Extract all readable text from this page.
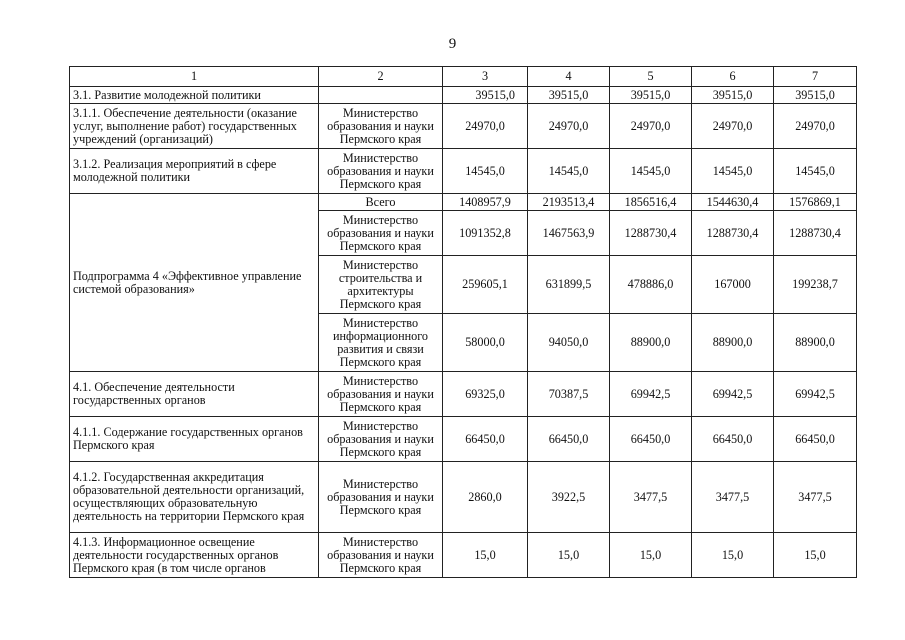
9
1	2	3	4	5	6	7
3.1. Развитие молодежной политики		39515,0	39515,0	39515,0	39515,0	39515,0
3.1.1. Обеспечение деятельности (оказание услуг, выполнение работ) государственных учреждений (организаций)	Министерство образования и науки Пермского края	24970,0	24970,0	24970,0	24970,0	24970,0
3.1.2. Реализация мероприятий в сфере молодежной политики	Министерство образования и науки Пермского края	14545,0	14545,0	14545,0	14545,0	14545,0
Подпрограмма 4 «Эффективное управление системой образования»	Всего	1408957,9	2193513,4	1856516,4	1544630,4	1576869,1
	Министерство образования и науки Пермского края	1091352,8	1467563,9	1288730,4	1288730,4	1288730,4
	Министерство строительства и архитектуры Пермского края	259605,1	631899,5	478886,0	167000	199238,7
	Министерство информационного развития и связи Пермского края	58000,0	94050,0	88900,0	88900,0	88900,0
4.1. Обеспечение деятельности государственных органов	Министерство образования и науки Пермского края	69325,0	70387,5	69942,5	69942,5	69942,5
4.1.1. Содержание государственных органов Пермского края	Министерство образования и науки Пермского края	66450,0	66450,0	66450,0	66450,0	66450,0
4.1.2. Государственная аккредитация образовательной деятельности организаций, осуществляющих образовательную деятельность на территории Пермского края	Министерство образования и науки Пермского края	2860,0	3922,5	3477,5	3477,5	3477,5
4.1.3. Информационное освещение деятельности государственных органов Пермского края (в том числе органов	Министерство образования и науки Пермского края	15,0	15,0	15,0	15,0	15,0
